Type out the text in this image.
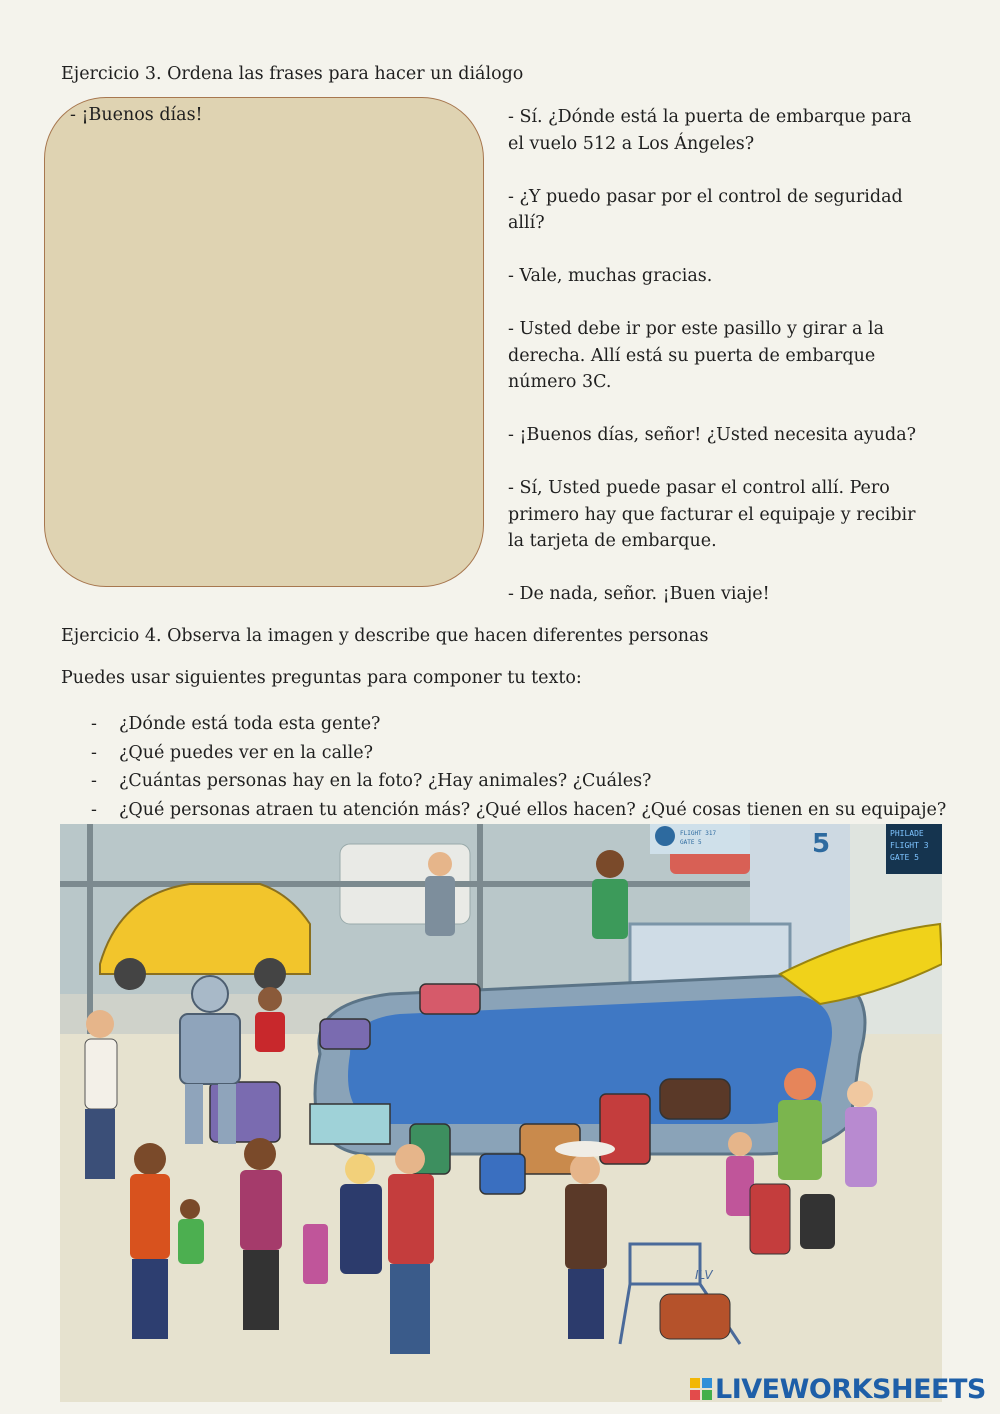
Ejercicio 3. Ordena las frases para hacer un diálogo
- ¡Buenos días!	- Sí. ¿Dónde está la puerta de embarque para el vuelo 512 a Los Ángeles?

- ¿Y puedo pasar por el control de seguridad allí?

- Vale, muchas gracias.

- Usted debe ir por este pasillo y girar a la derecha. Allí está su puerta de embarque número 3C.

- ¡Buenos días, señor! ¿Usted necesita ayuda?

- Sí, Usted puede pasar el control allí. Pero primero hay que facturar el equipaje y recibir la tarjeta de embarque.

- De nada, señor. ¡Buen viaje!

Ejercicio 4. Observa la imagen y describe que hacen diferentes personas

Puedes usar siguientes preguntas para componer tu texto:

- ¿Dónde está toda esta gente?
- ¿Qué puedes ver en la calle?
- ¿Cuántas personas hay en la foto? ¿Hay animales? ¿Cuáles?
- ¿Qué personas atraen tu atención más? ¿Qué ellos hacen? ¿Qué cosas tienen en su equipaje?
FLIGHT 317
GATE 5	5	PHILADE
FLIGHT 3
GATE 5
ILV
LIVEWORKSHEETS
